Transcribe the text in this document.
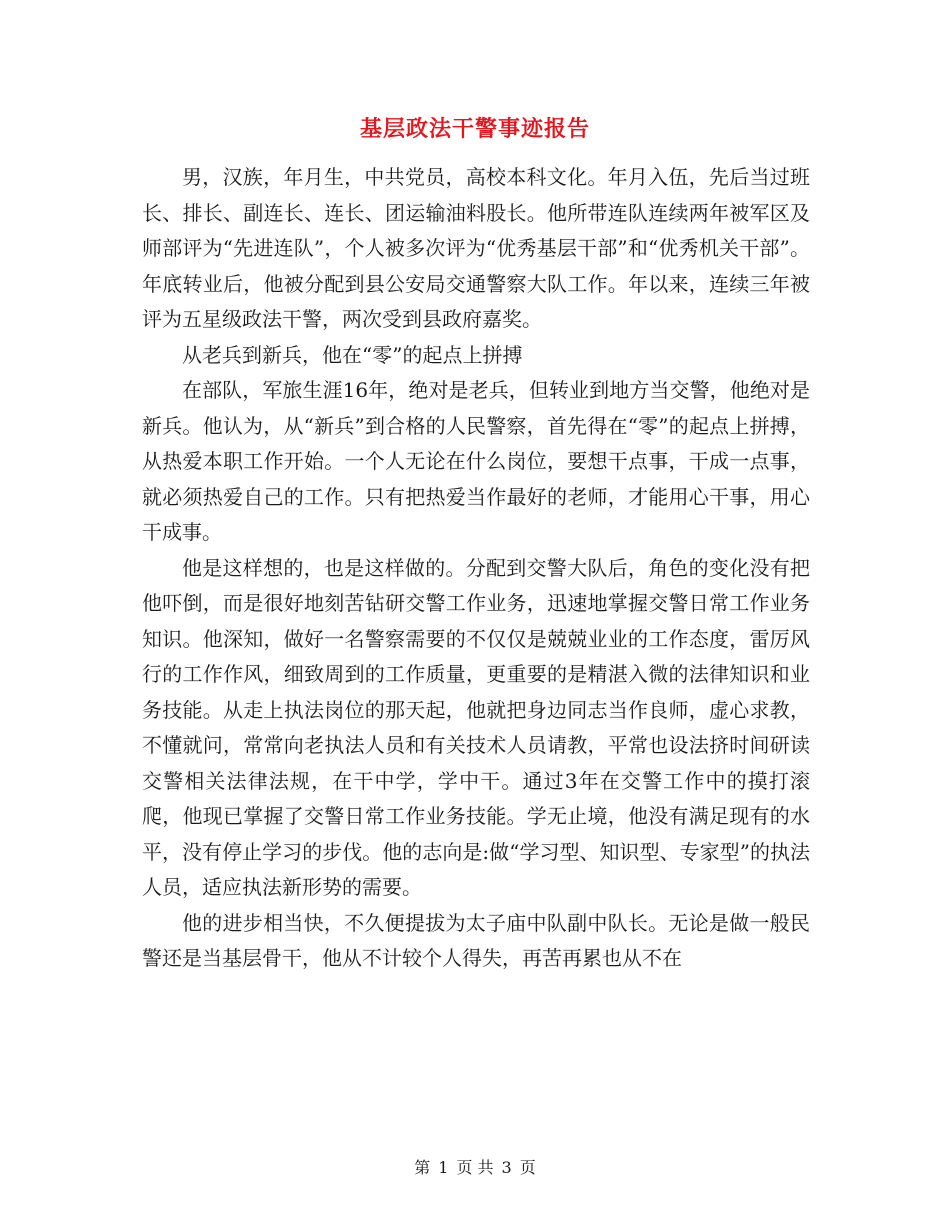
基层政法干警事迹报告

男，汉族，年月生，中共党员，高校本科文化。年月入伍，先后当过班长、排长、副连长、连长、团运输油料股长。他所带连队连续两年被军区及师部评为“先进连队”，个人被多次评为“优秀基层干部”和“优秀机关干部”。年底转业后，他被分配到县公安局交通警察大队工作。年以来，连续三年被评为五星级政法干警，两次受到县政府嘉奖。

从老兵到新兵，他在“零”的起点上拼搏

在部队，军旅生涯16年，绝对是老兵，但转业到地方当交警，他绝对是新兵。他认为，从“新兵”到合格的人民警察，首先得在“零”的起点上拼搏，从热爱本职工作开始。一个人无论在什么岗位，要想干点事，干成一点事，就必须热爱自己的工作。只有把热爱当作最好的老师，才能用心干事，用心干成事。

他是这样想的，也是这样做的。分配到交警大队后，角色的变化没有把他吓倒，而是很好地刻苦钻研交警工作业务，迅速地掌握交警日常工作业务知识。他深知，做好一名警察需要的不仅仅是兢兢业业的工作态度，雷厉风行的工作作风，细致周到的工作质量，更重要的是精湛入微的法律知识和业务技能。从走上执法岗位的那天起，他就把身边同志当作良师，虚心求教，不懂就问，常常向老执法人员和有关技术人员请教，平常也设法挤时间研读交警相关法律法规，在干中学，学中干。通过3年在交警工作中的摸打滚爬，他现已掌握了交警日常工作业务技能。学无止境，他没有满足现有的水平，没有停止学习的步伐。他的志向是:做“学习型、知识型、专家型”的执法人员，适应执法新形势的需要。

他的进步相当快，不久便提拔为太子庙中队副中队长。无论是做一般民警还是当基层骨干，他从不计较个人得失，再苦再累也从不在

第 1 页 共 3 页
